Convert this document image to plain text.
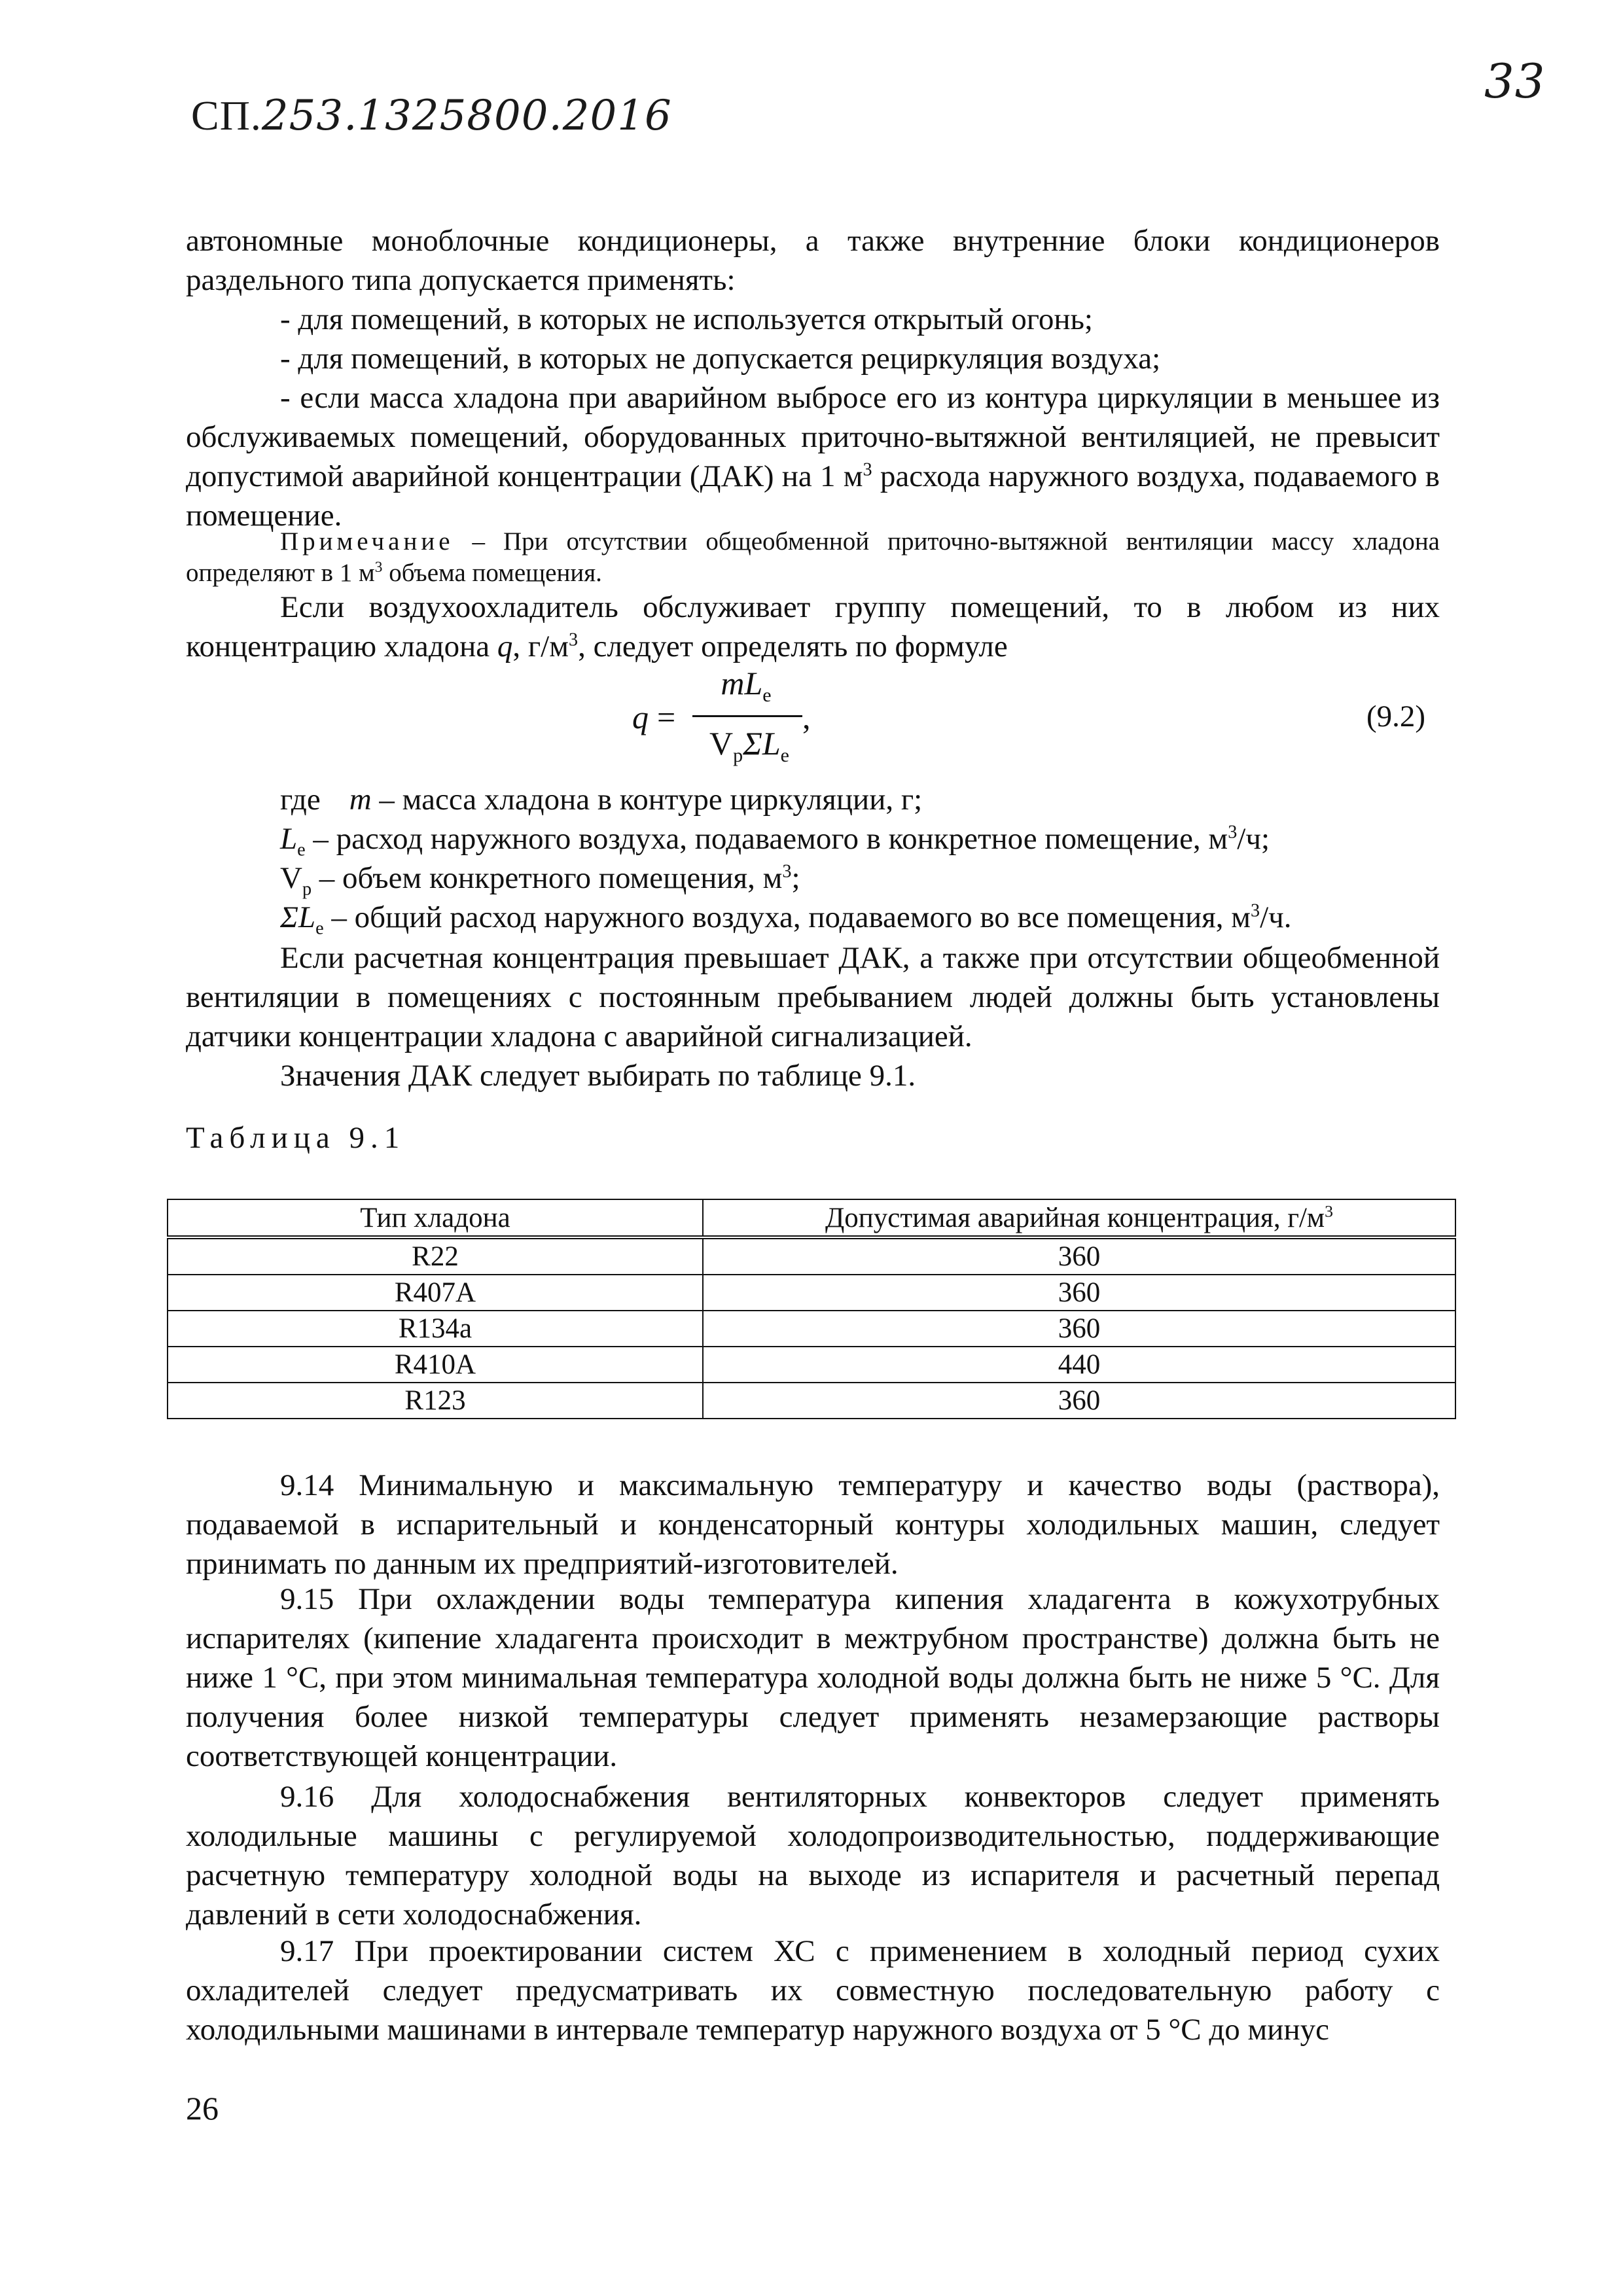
СП.253.1325800.2016
33

автономные моноблочные кондиционеры, а также внутренние блоки кондиционеров раздельного типа допускается применять:

- для помещений, в которых не используется открытый огонь;

- для помещений, в которых не допускается рециркуляция воздуха;

- если масса хладона при аварийном выбросе его из контура циркуляции в меньшее из обслуживаемых помещений, оборудованных приточно-вытяжной вентиляцией, не превысит допустимой аварийной концентрации (ДАК) на 1 $м^3$ расхода наружного воздуха, подаваемого в помещение.

Примечание – При отсутствии общеобменной приточно-вытяжной вентиляции массу хладона определяют в 1 $м^3$ объема помещения.

Если воздухоохладитель обслуживает группу помещений, то в любом из них концентрацию хладона q, $г/м^3$, следует определять по формуле

q =
$mL_e$
$V_p\Sigma L_e$
,	(9.2)

где m – масса хладона в контуре циркуляции, г;

$L_e$ – расход наружного воздуха, подаваемого в конкретное помещение, $м^3/ч$;

$V_p$ – объем конкретного помещения, $м^3$;

$\Sigma L_e$ – общий расход наружного воздуха, подаваемого во все помещения, $м^3/ч$.

Если расчетная концентрация превышает ДАК, а также при отсутствии общеобменной вентиляции в помещениях с постоянным пребыванием людей должны быть установлены датчики концентрации хладона с аварийной сигнализацией.

Значения ДАК следует выбирать по таблице 9.1.

Таблица 9.1
Тип хладона	Допустимая аварийная концентрация, $г/м^3$
R22	360
R407A	360
R134a	360
R410A	440
R123	360

9.14 Минимальную и максимальную температуру и качество воды (раствора), подаваемой в испарительный и конденсаторный контуры холодильных машин, следует принимать по данным их предприятий-изготовителей.

9.15 При охлаждении воды температура кипения хладагента в кожухотрубных испарителях (кипение хладагента происходит в межтрубном пространстве) должна быть не ниже 1 °С, при этом минимальная температура холодной воды должна быть не ниже 5 °С. Для получения более низкой температуры следует применять незамерзающие растворы соответствующей концентрации.

9.16 Для холодоснабжения вентиляторных конвекторов следует применять холодильные машины с регулируемой холодопроизводительностью, поддерживающие расчетную температуру холодной воды на выходе из испарителя и расчетный перепад давлений в сети холодоснабжения.

9.17 При проектировании систем ХС с применением в холодный период сухих охладителей следует предусматривать их совместную последовательную работу с холодильными машинами в интервале температур наружного воздуха от 5 °С до минус

26
